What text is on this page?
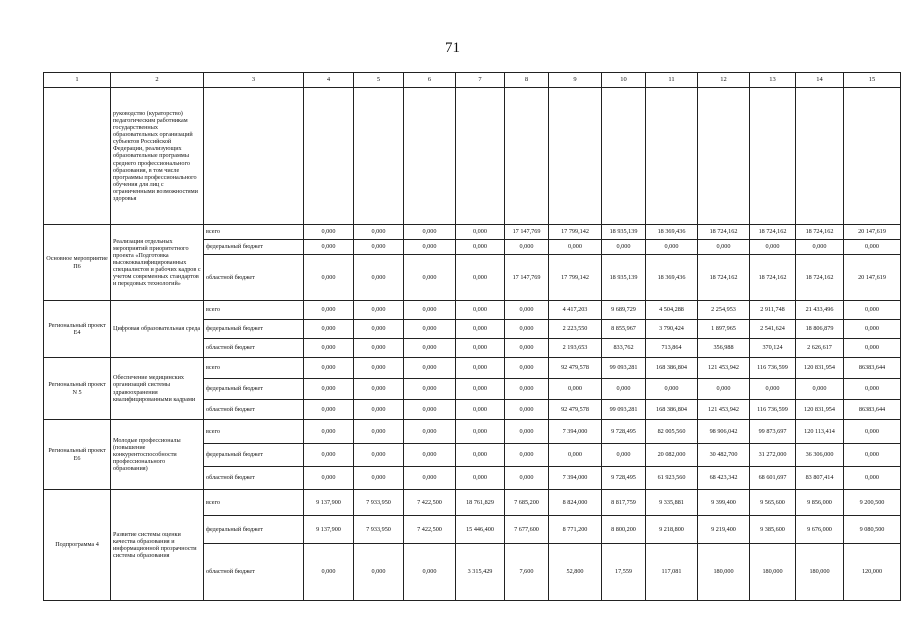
71
1	2	3	4	5	6	7	8	9	10	11	12	13	14	15
	руководство (кураторство) педагогическим работникам государственных образовательных организаций субъектов Российской Федерации, реализующих образовательные программы среднего профессионального образования, в том числе программы профессионального обучения для лиц с ограниченными возможностями здоровья													
Основное мероприятие П6	Реализация отдельных мероприятий приоритетного проекта «Подготовка высококвалифицированных специалистов и рабочих кадров с учетом современных стандартов и передовых технологий»	всего	0,000	0,000	0,000	0,000	17 147,769	17 799,142	18 935,139	18 369,436	18 724,162	18 724,162	18 724,162	20 147,619
		федеральный бюджет	0,000	0,000	0,000	0,000	0,000	0,000	0,000	0,000	0,000	0,000	0,000	0,000
		областной бюджет	0,000	0,000	0,000	0,000	17 147,769	17 799,142	18 935,139	18 369,436	18 724,162	18 724,162	18 724,162	20 147,619
Региональный проект Е4	Цифровая образовательная среда	всего	0,000	0,000	0,000	0,000	0,000	4 417,203	9 689,729	4 504,288	2 254,953	2 911,748	21 433,496	0,000
		федеральный бюджет	0,000	0,000	0,000	0,000	0,000	2 223,550	8 855,967	3 790,424	1 897,965	2 541,624	18 806,879	0,000
		областной бюджет	0,000	0,000	0,000	0,000	0,000	2 193,653	833,762	713,864	356,988	370,124	2 626,617	0,000
Региональный проект N 5	Обеспечение медицинских организаций системы здравоохранения квалифицированными кадрами	всего	0,000	0,000	0,000	0,000	0,000	92 479,578	99 093,281	168 386,804	121 453,942	116 736,599	120 831,954	86383,644
		федеральный бюджет	0,000	0,000	0,000	0,000	0,000	0,000	0,000	0,000	0,000	0,000	0,000	0,000
		областной бюджет	0,000	0,000	0,000	0,000	0,000	92 479,578	99 093,281	168 386,804	121 453,942	116 736,599	120 831,954	86383,644
Региональный проект Е6	Молодые профессионалы (повышение конкурентоспособности профессионального образования)	всего	0,000	0,000	0,000	0,000	0,000	7 394,000	9 728,495	82 005,560	98 906,042	99 873,697	120 113,414	0,000
		федеральный бюджет	0,000	0,000	0,000	0,000	0,000	0,000	0,000	20 082,000	30 482,700	31 272,000	36 306,000	0,000
		областной бюджет	0,000	0,000	0,000	0,000	0,000	7 394,000	9 728,495	61 923,560	68 423,342	68 601,697	83 807,414	0,000
Подпрограмма 4	Развитие системы оценки качества образования и информационной прозрачности системы образования	всего	9 137,900	7 933,950	7 422,500	18 761,829	7 685,200	8 824,000	8 817,759	9 335,881	9 399,400	9 565,600	9 856,000	9 200,500
		федеральный бюджет	9 137,900	7 933,950	7 422,500	15 446,400	7 677,600	8 771,200	8 800,200	9 218,800	9 219,400	9 385,600	9 676,000	9 080,500
		областной бюджет	0,000	0,000	0,000	3 315,429	7,600	52,800	17,559	117,081	180,000	180,000	180,000	120,000
